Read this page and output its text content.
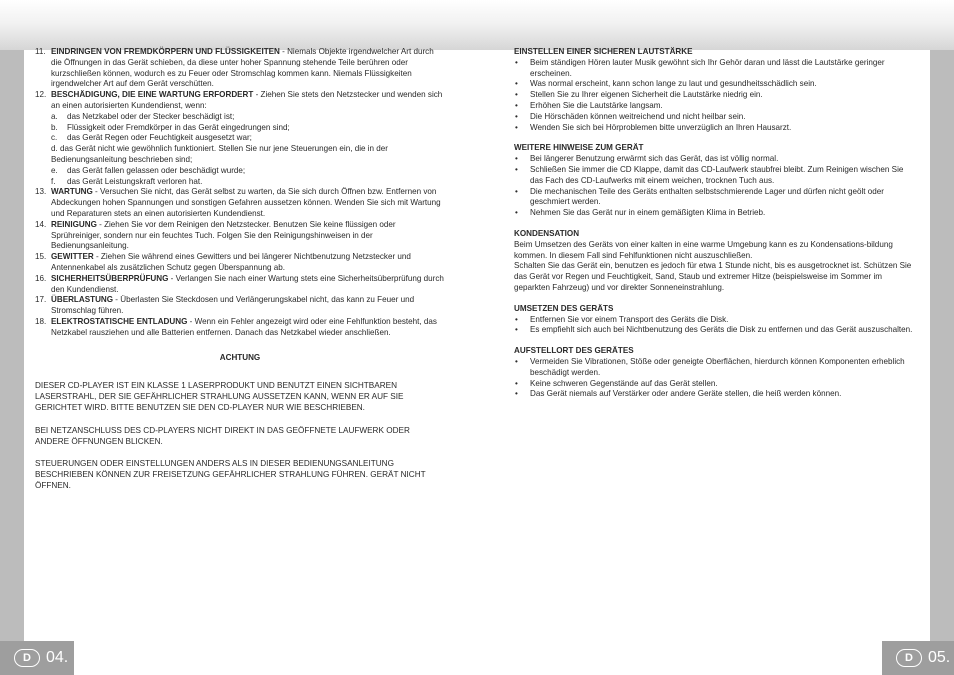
11. EINDRINGEN VON FREMDKÖRPERN UND FLÜSSIGKEITEN - Niemals Objekte irgendwelcher Art durch die Öffnungen in das Gerät schieben, da diese unter hoher Spannung stehende Teile berühren oder kurzschließen können, wodurch es zu Feuer oder Stromschlag kommen kann. Niemals Flüssigkeiten irgendwelcher Art auf dem Gerät verschütten.
12. BESCHÄDIGUNG, DIE EINE WARTUNG ERFORDERT - Ziehen Sie stets den Netzstecker und wenden sich an einen autorisierten Kundendienst, wenn:
a.	das Netzkabel oder der Stecker beschädigt ist;
b.	Flüssigkeit oder Fremdkörper in das Gerät eingedrungen sind;
c.	das Gerät Regen oder Feuchtigkeit ausgesetzt war;
d. das Gerät nicht wie gewöhnlich funktioniert. Stellen Sie nur jene Steuerungen ein, die in der Bedienungsanleitung beschrieben sind;
e.	das Gerät fallen gelassen oder beschädigt wurde;
f.	das Gerät Leistungskraft verloren hat.
13. WARTUNG - Versuchen Sie nicht, das Gerät selbst zu warten, da Sie sich durch Öffnen bzw. Entfernen von Abdeckungen hohen Spannungen und sonstigen Gefahren aussetzen können. Wenden Sie sich mit Wartung und Reparaturen stets an einen autorisierten Kundendienst.
14. REINIGUNG - Ziehen Sie vor dem Reinigen den Netzstecker. Benutzen Sie keine flüssigen oder Sprühreiniger, sondern nur ein feuchtes Tuch. Folgen Sie den Reinigungshinweisen in der Bedienungsanleitung.
15. GEWITTER - Ziehen Sie während eines Gewitters und bei längerer Nichtbenutzung Netzstecker und Antennenkabel als zusätzlichen Schutz gegen Überspannung ab.
16. SICHERHEITSÜBERPRÜFUNG - Verlangen Sie nach einer Wartung stets eine Sicherheitsüberprüfung durch den Kundendienst.
17. ÜBERLASTUNG - Überlasten Sie Steckdosen und Verlängerungskabel nicht, das kann zu Feuer und Stromschlag führen.
18. ELEKTROSTATISCHE ENTLADUNG - Wenn ein Fehler angezeigt wird oder eine Fehlfunktion besteht, das Netzkabel rausziehen und alle Batterien entfernen. Danach das Netzkabel wieder anschließen.
ACHTUNG
DIESER CD-PLAYER IST EIN KLASSE 1 LASERPRODUKT UND BENUTZT EINEN SICHTBAREN LASERSTRAHL, DER SIE GEFÄHRLICHER STRAHLUNG AUSSETZEN KANN, WENN ER AUF SIE GERICHTET WIRD. BITTE BENUTZEN SIE DEN CD-PLAYER NUR WIE BESCHRIEBEN.
BEI NETZANSCHLUSS DES CD-PLAYERS NICHT DIREKT IN DAS GEÖFFNETE LAUFWERK ODER ANDERE ÖFFNUNGEN BLICKEN.
STEUERUNGEN ODER EINSTELLUNGEN ANDERS ALS IN DIESER BEDIENUNGSANLEITUNG BESCHRIEBEN KÖNNEN ZUR FREISETZUNG GEFÄHRLICHER STRAHLUNG FÜHREN. GERÄT NICHT ÖFFNEN.
EINSTELLEN EINER SICHEREN LAUTSTÄRKE
•	Beim ständigen Hören lauter Musik gewöhnt sich Ihr Gehör daran und lässt die Lautstärke geringer erscheinen.
•	Was normal erscheint, kann schon lange zu laut und gesundheitsschädlich sein.
•	Stellen Sie zu Ihrer eigenen Sicherheit die Lautstärke niedrig ein.
•	Erhöhen Sie die Lautstärke langsam.
•	Die Hörschäden können weitreichend und nicht heilbar sein.
•	Wenden Sie sich bei Hörproblemen bitte unverzüglich an Ihren Hausarzt.
WEITERE HINWEISE ZUM GERÄT
•	Bei längerer Benutzung erwärmt sich das Gerät, das ist völlig normal.
•	Schließen Sie immer die CD Klappe, damit das CD-Laufwerk staubfrei bleibt. Zum Reinigen wischen Sie das Fach des CD-Laufwerks mit einem weichen, trocknen Tuch aus.
•	Die mechanischen Teile des Geräts enthalten selbstschmierende Lager und dürfen nicht geölt oder geschmiert werden.
•	Nehmen Sie das Gerät nur in einem gemäßigten Klima in Betrieb.
KONDENSATION
Beim Umsetzen des Geräts von einer kalten in eine warme Umgebung kann es zu Kondensations-bildung kommen. In diesem Fall sind Fehlfunktionen nicht auszuschließen.
Schalten Sie das Gerät ein, benutzen es jedoch für etwa 1 Stunde nicht, bis es ausgetrocknet ist. Schützen Sie das Gerät vor Regen und Feuchtigkeit, Sand, Staub und extremer Hitze (beispielsweise im Sommer im geparkten Fahrzeug) und vor direkter Sonneneinstrahlung.
UMSETZEN DES GERÄTS
•	Entfernen Sie vor einem Transport des Geräts die Disk.
•	Es empfiehlt sich auch bei Nichtbenutzung des Geräts die Disk zu entfernen und das Gerät auszuschalten.
AUFSTELLORT DES GERÄTES
•	Vermeiden Sie Vibrationen, Stöße oder geneigte Oberflächen, hierdurch können Komponenten erheblich beschädigt werden.
•	Keine schweren Gegenstände auf das Gerät stellen.
•	Das Gerät niemals auf Verstärker oder andere Geräte stellen, die heiß werden können.
D 04.	D 05.
